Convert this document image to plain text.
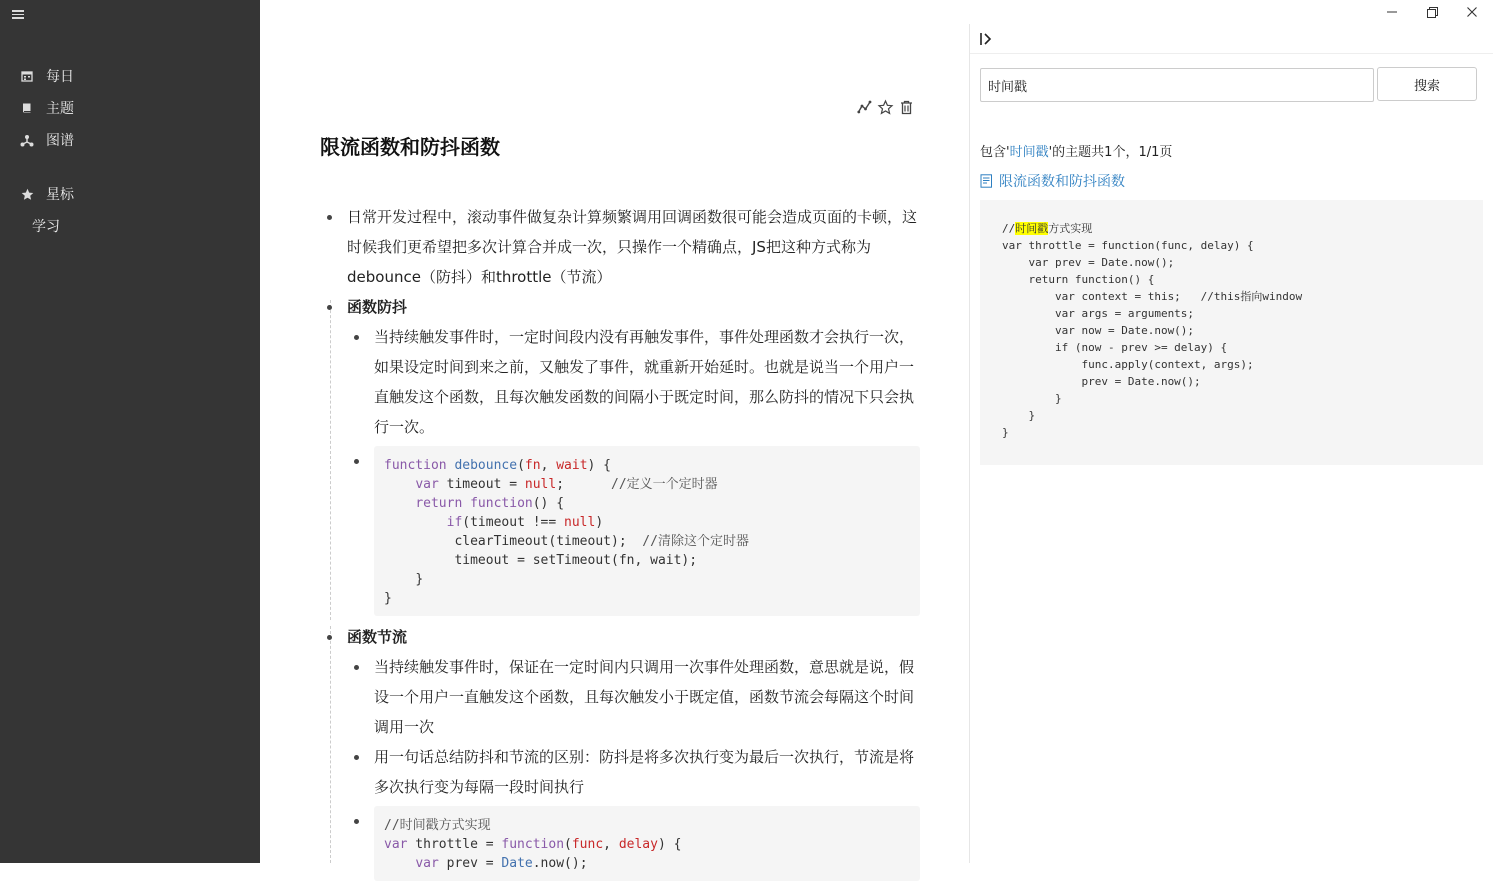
每日
主题
图谱
星标
学习
限流函数和防抖函数
日常开发过程中，滚动事件做复杂计算频繁调用回调函数很可能会造成页面的卡顿，这时候我们更希望把多次计算合并成一次，只操作一个精确点，JS把这种方式称为debounce（防抖）和throttle（节流）
函数防抖
当持续触发事件时，一定时间段内没有再触发事件，事件处理函数才会执行一次，如果设定时间到来之前，又触发了事件，就重新开始延时。也就是说当一个用户一直触发这个函数，且每次触发函数的间隔小于既定时间，那么防抖的情况下只会执行一次。
function debounce(fn, wait) {
var timeout = null;      //定义一个定时器
return function() {
if(timeout !== null)
clearTimeout(timeout);  //清除这个定时器
timeout = setTimeout(fn, wait);
}
}
函数节流
当持续触发事件时，保证在一定时间内只调用一次事件处理函数，意思就是说，假设一个用户一直触发这个函数，且每次触发小于既定值，函数节流会每隔这个时间调用一次
用一句话总结防抖和节流的区别：防抖是将多次执行变为最后一次执行，节流是将多次执行变为每隔一段时间执行
//时间戳方式实现
var throttle = function(func, delay) {
var prev = Date.now();
时间戳
搜索
包含'时间戳'的主题共1个，1/1页
限流函数和防抖函数
//时间戳方式实现
var throttle = function(func, delay) {
var prev = Date.now();
return function() {
var context = this;   //this指向window
var args = arguments;
var now = Date.now();
if (now - prev >= delay) {
func.apply(context, args);
prev = Date.now();
}
}
}
